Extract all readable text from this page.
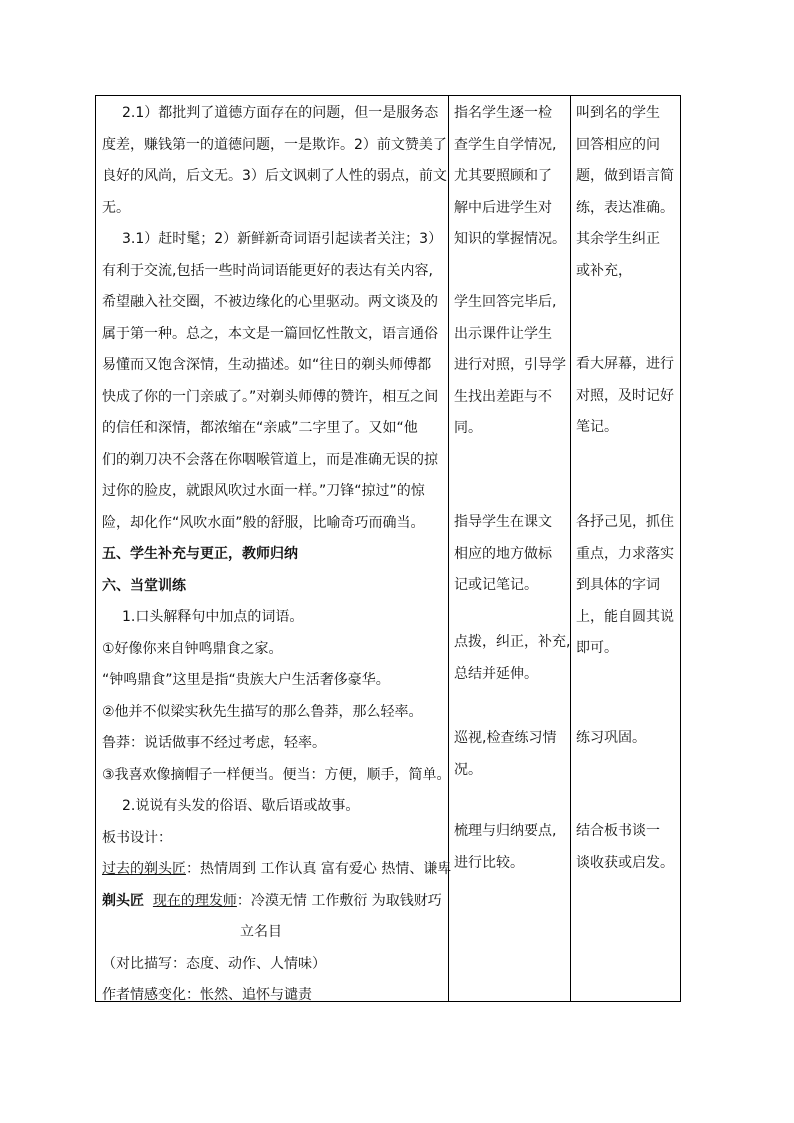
2.1）都批判了道德方面存在的问题，但一是服务态
度差，赚钱第一的道德问题，一是欺诈。2）前文赞美了
良好的风尚，后文无。3）后文讽刺了人性的弱点，前文
无。
3.1）赶时髦；2）新鲜新奇词语引起读者关注；3）
有利于交流,包括一些时尚词语能更好的表达有关内容,
希望融入社交圈，不被边缘化的心里驱动。两文谈及的
属于第一种。总之，本文是一篇回忆性散文，语言通俗
易懂而又饱含深情，生动描述。如“往日的剃头师傅都
快成了你的一门亲戚了。”对剃头师傅的赞许，相互之间
的信任和深情，都浓缩在“亲戚”二字里了。又如“他
们的剃刀决不会落在你咽喉管道上，而是准确无误的掠
过你的脸皮，就跟风吹过水面一样。”刀锋“掠过”的惊
险，却化作“风吹水面”般的舒服，比喻奇巧而确当。
五、学生补充与更正，教师归纳
六、当堂训练
1.口头解释句中加点的词语。
①好像你来自钟鸣鼎食之家。
“钟鸣鼎食”这里是指“贵族大户生活奢侈豪华。
②他并不似梁实秋先生描写的那么鲁莽，那么轻率。
鲁莽：说话做事不经过考虑，轻率。
③我喜欢像摘帽子一样便当。便当：方便，顺手，简单。
2.说说有头发的俗语、歇后语或故事。
板书设计：
过去的剃头匠：热情周到 工作认真 富有爱心 热情、谦卑
剃头匠 现在的理发师：冷漠无情 工作敷衍 为取钱财巧
立名目
（对比描写：态度、动作、人情味）
作者情感变化：怅然、追怀与谴责
指名学生逐一检
查学生自学情况,
尤其要照顾和了
解中后进学生对
知识的掌握情况。
学生回答完毕后,
出示课件让学生
进行对照，引导学
生找出差距与不
同。
指导学生在课文
相应的地方做标
记或记笔记。
点拨，纠正，补充,
总结并延伸。
巡视,检查练习情
况。
梳理与归纳要点,
进行比较。
叫到名的学生
回答相应的问
题，做到语言简
练，表达准确。
其余学生纠正
或补充，
看大屏幕，进行
对照，及时记好
笔记。
各抒己见，抓住
重点，力求落实
到具体的字词
上，能自圆其说
即可。
练习巩固。
结合板书谈一
谈收获或启发。
